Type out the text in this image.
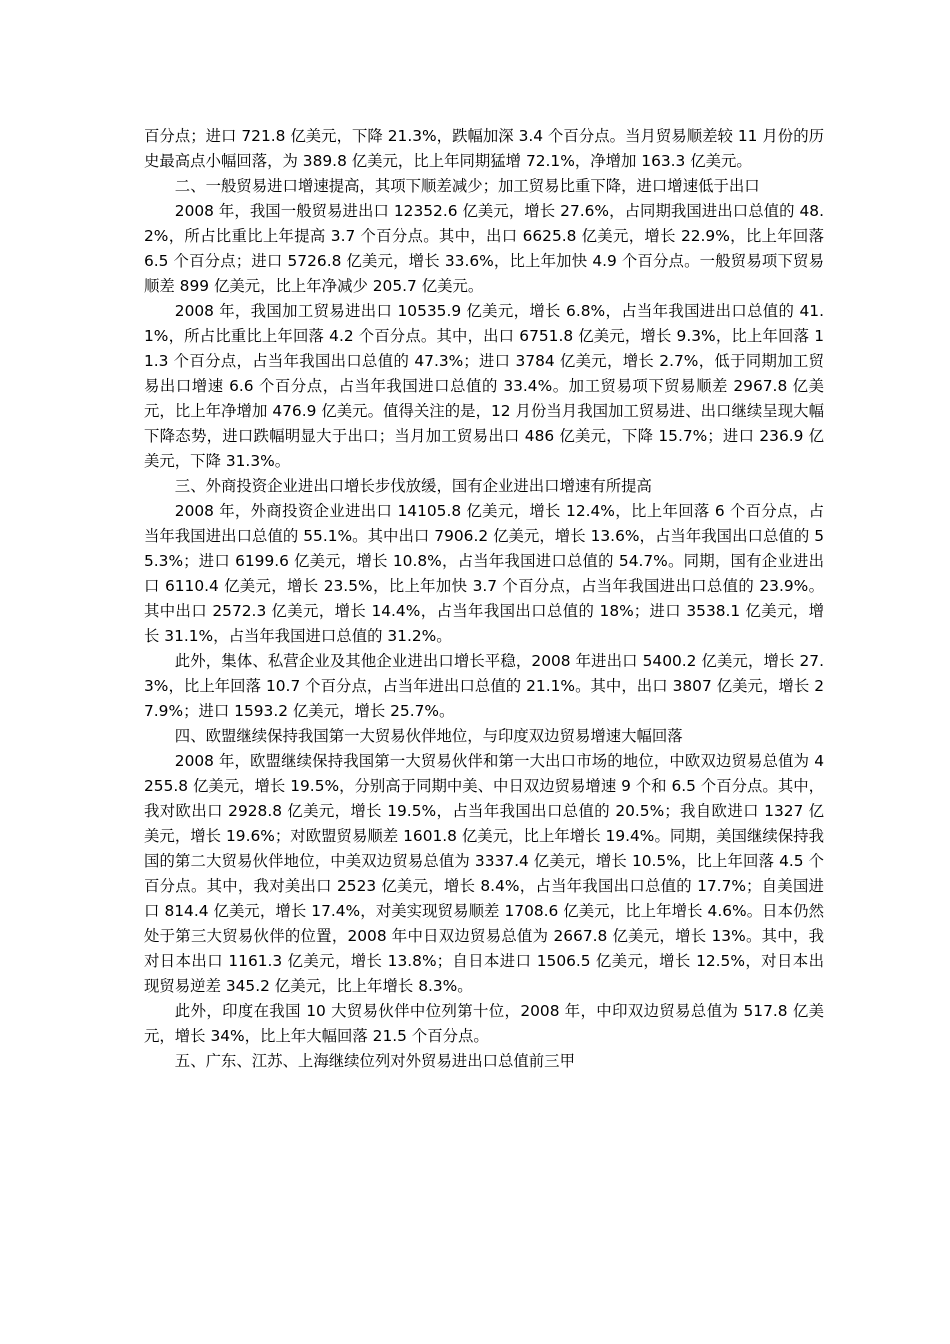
百分点；进口 721.8 亿美元，下降 21.3%，跌幅加深 3.4 个百分点。当月贸易顺差较 11 月份的历史最高点小幅回落，为 389.8 亿美元，比上年同期猛增 72.1%，净增加 163.3 亿美元。

二、一般贸易进口增速提高，其项下顺差减少；加工贸易比重下降，进口增速低于出口

2008 年，我国一般贸易进出口 12352.6 亿美元，增长 27.6%，占同期我国进出口总值的 48.2%，所占比重比上年提高 3.7 个百分点。其中，出口 6625.8 亿美元，增长 22.9%，比上年回落 6.5 个百分点；进口 5726.8 亿美元，增长 33.6%，比上年加快 4.9 个百分点。一般贸易项下贸易顺差 899 亿美元，比上年净减少 205.7 亿美元。

2008 年，我国加工贸易进出口 10535.9 亿美元，增长 6.8%，占当年我国进出口总值的 41.1%，所占比重比上年回落 4.2 个百分点。其中，出口 6751.8 亿美元，增长 9.3%，比上年回落 11.3 个百分点，占当年我国出口总值的 47.3%；进口 3784 亿美元，增长 2.7%，低于同期加工贸易出口增速 6.6 个百分点，占当年我国进口总值的 33.4%。加工贸易项下贸易顺差 2967.8 亿美元，比上年净增加 476.9 亿美元。值得关注的是，12 月份当月我国加工贸易进、出口继续呈现大幅下降态势，进口跌幅明显大于出口；当月加工贸易出口 486 亿美元，下降 15.7%；进口 236.9 亿美元，下降 31.3%。

三、外商投资企业进出口增长步伐放缓，国有企业进出口增速有所提高

2008 年，外商投资企业进出口 14105.8 亿美元，增长 12.4%，比上年回落 6 个百分点，占当年我国进出口总值的 55.1%。其中出口 7906.2 亿美元，增长 13.6%，占当年我国出口总值的 55.3%；进口 6199.6 亿美元，增长 10.8%，占当年我国进口总值的 54.7%。同期，国有企业进出口 6110.4 亿美元，增长 23.5%，比上年加快 3.7 个百分点，占当年我国进出口总值的 23.9%。其中出口 2572.3 亿美元，增长 14.4%，占当年我国出口总值的 18%；进口 3538.1 亿美元，增长 31.1%，占当年我国进口总值的 31.2%。

此外，集体、私营企业及其他企业进出口增长平稳，2008 年进出口 5400.2 亿美元，增长 27.3%，比上年回落 10.7 个百分点，占当年进出口总值的 21.1%。其中，出口 3807 亿美元，增长 27.9%；进口 1593.2 亿美元，增长 25.7%。

四、欧盟继续保持我国第一大贸易伙伴地位，与印度双边贸易增速大幅回落

2008 年，欧盟继续保持我国第一大贸易伙伴和第一大出口市场的地位，中欧双边贸易总值为 4255.8 亿美元，增长 19.5%，分别高于同期中美、中日双边贸易增速 9 个和 6.5 个百分点。其中，我对欧出口 2928.8 亿美元，增长 19.5%，占当年我国出口总值的 20.5%；我自欧进口 1327 亿美元，增长 19.6%；对欧盟贸易顺差 1601.8 亿美元，比上年增长 19.4%。同期，美国继续保持我国的第二大贸易伙伴地位，中美双边贸易总值为 3337.4 亿美元，增长 10.5%，比上年回落 4.5 个百分点。其中，我对美出口 2523 亿美元，增长 8.4%，占当年我国出口总值的 17.7%；自美国进口 814.4 亿美元，增长 17.4%，对美实现贸易顺差 1708.6 亿美元，比上年增长 4.6%。日本仍然处于第三大贸易伙伴的位置，2008 年中日双边贸易总值为 2667.8 亿美元，增长 13%。其中，我对日本出口 1161.3 亿美元，增长 13.8%；自日本进口 1506.5 亿美元，增长 12.5%，对日本出现贸易逆差 345.2 亿美元，比上年增长 8.3%。

此外，印度在我国 10 大贸易伙伴中位列第十位，2008 年，中印双边贸易总值为 517.8 亿美元，增长 34%，比上年大幅回落 21.5 个百分点。

五、广东、江苏、上海继续位列对外贸易进出口总值前三甲
